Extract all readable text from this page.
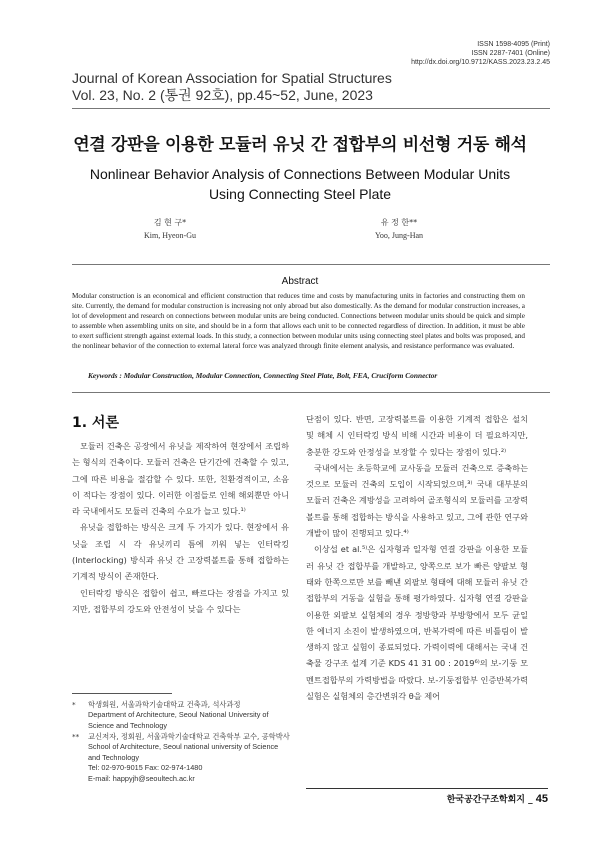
ISSN 1598-4095 (Print)
ISSN 2287-7401 (Online)
http://dx.doi.org/10.9712/KASS.2023.23.2.45
Journal of Korean Association for Spatial Structures
Vol. 23, No. 2 (통권 92호), pp.45~52, June, 2023
연결 강판을 이용한 모듈러 유닛 간 접합부의 비선형 거동 해석
Nonlinear Behavior Analysis of Connections Between Modular Units
Using Connecting Steel Plate
김 현 구*
Kim, Hyeon-Gu
유 정 한**
Yoo, Jung-Han
Abstract
Modular construction is an economical and efficient construction that reduces time and costs by manufacturing units in factories and constructing them on site. Currently, the demand for modular construction is increasing not only abroad but also domestically. As the demand for modular construction increases, a lot of development and research on connections between modular units are being conducted. Connections between modular units should be quick and simple to assemble when assembling units on site, and should be in a form that allows each unit to be connected regardless of direction. In addition, it must be able to exert sufficient strength against external loads. In this study, a connection between modular units using connecting steel plates and bolts was proposed, and the nonlinear behavior of the connection to external lateral force was analyzed through finite element analysis, and resistance performance was evaluated.
Keywords : Modular Construction, Modular Connection, Connecting Steel Plate, Bolt, FEA, Cruciform Connector
1. 서론

모듈러 건축은 공장에서 유닛을 제작하여 현장에서 조립하는 형식의 건축이다. 모듈러 건축은 단기간에 건축할 수 있고, 그에 따른 비용을 절감할 수 있다. 또한, 친환경적이고, 소음이 적다는 장점이 있다. 이러한 이점들로 인해 해외뿐만 아니라 국내에서도 모듈러 건축의 수요가 늘고 있다.¹⁾

유닛을 접합하는 방식은 크게 두 가지가 있다. 현장에서 유닛을 조립 시 각 유닛끼리 틈에 끼워 넣는 인터락킹(Interlocking) 방식과 유닛 간 고장력볼트를 통해 접합하는 기계적 방식이 존재한다.

인터락킹 방식은 접합이 쉽고, 빠르다는 장점을 가지고 있지만, 접합부의 강도와 안전성이 낮을 수 있다는

단점이 있다. 반면, 고장력볼트를 이용한 기계적 접합은 설치 및 해체 시 인터락킹 방식 비해 시간과 비용이 더 필요하지만, 충분한 강도와 안정성을 보장할 수 있다는 장점이 있다.²⁾

국내에서는 초등학교에 교사동을 모듈러 건축으로 증축하는 것으로 모듈러 건축의 도입이 시작되었으며,³⁾ 국내 대부분의 모듈러 건축은 계방성을 고려하여 골조형식의 모듈러를 고장력볼트를 통해 접합하는 방식을 사용하고 있고, 그에 관한 연구와 개발이 많이 진행되고 있다.⁴⁾

이상섭 et al.⁵⁾은 십자형과 일자형 연결 강판을 이용한 모듈러 유닛 간 접합부를 개발하고, 양쪽으로 보가 빠른 양팔보 형태와 한쪽으로만 보를 빼낸 외팔보 형태에 대해 모듈러 유닛 간 접합부의 거동을 실험을 통해 평가하였다. 십자형 연결 강판을 이용한 외팔보 실험체의 경우 정방향과 부방향에서 모두 균일한 에너지 소진이 발생하였으며, 반복가력에 따른 비틀림이 발생하지 않고 실험이 종료되었다. 가력이력에 대해서는 국내 건축물 강구조 설계 기준 KDS 41 31 00 : 2019⁶⁾의 보-기둥 모멘트접합부의 가력방법을 따랐다. 보-기둥접합부 인증반복가력실험은 실험체의 층간변위각 θ을 제어

* 학생회원, 서울과학기술대학교 건축과, 석사과정
Department of Architecture, Seoul National University of Science and Technology
** 교신저자, 정회원, 서울과학기술대학교 건축학부 교수, 공학박사
School of Architecture, Seoul national university of Science and Technology
Tel: 02-970-9015 Fax: 02-974-1480
E-mail: happyjh@seoultech.ac.kr
한국공간구조학회지 _ 45
